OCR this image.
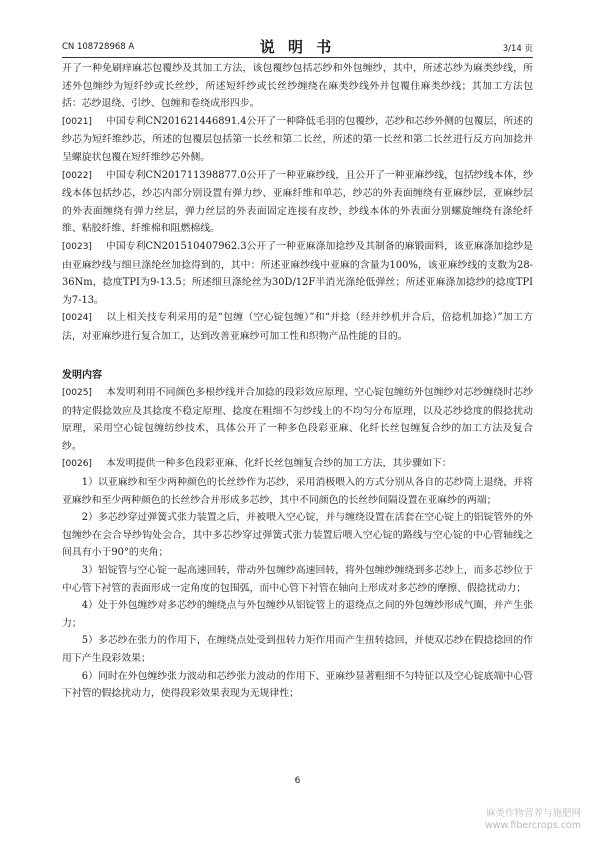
CN 108728968 A	说 明 书	3/14 页

开了一种免刷痒麻芯包覆纱及其加工方法，该包覆纱包括芯纱和外包缠纱，其中，所述芯纱为麻类纱线，所述外包缠纱为短纤纱或长丝纱，所述短纤纱或长丝纱缠绕在麻类纱线外并包覆住麻类纱线；其加工方法包括：芯纱退绕、引纱、包缠和卷绕成形四步。

[0021] 中国专利CN201621446891.4公开了一种降低毛羽的包覆纱，芯纱和芯纱外侧的包覆层，所述的纱芯为短纤维纱芯，所述的包覆层包括第一长丝和第二长丝，所述的第一长丝和第二长丝进行反方向加捻并呈螺旋状包覆在短纤维纱芯外侧。

[0022] 中国专利CN201711398877.0公开了一种亚麻纱线，且公开了一种亚麻纱线，包括纱线本体，纱线本体包括纱芯，纱芯内部分别设置有弹力纱、亚麻纤维和单芯，纱芯的外表面缠绕有亚麻纱层，亚麻纱层的外表面缠绕有弹力丝层，弹力丝层的外表面固定连接有皮纱，纱线本体的外表面分别螺旋缠绕有涤纶纤维、粘胶纤维、纤维棉和阻燃棉线。

[0023] 中国专利CN201510407962.3公开了一种亚麻涤加捻纱及其制备的麻锻面料，该亚麻涤加捻纱是由亚麻纱线与细旦涤纶丝加捻得到的，其中：所述亚麻纱线中亚麻的含量为100%，该亚麻纱线的支数为28-36Nm，捻度TPI为9-13.5；所述细旦涤纶丝为30D/12F半消光涤纶低弹丝；所述亚麻涤加捻纱的捻度TPI为7-13。

[0024] 以上相关技专利采用的是“包缠（空心锭包缠）”和“并捻（经并纱机并合后，倍捻机加捻）”加工方法，对亚麻纱进行复合加工，达到改善亚麻纱可加工性和织物产品性能的目的。

发明内容

[0025] 本发明利用不同颜色多根纱线并合加捻的段彩效应原理、空心锭包缠纺外包缠纱对芯纱缠绕时芯纱的特定假捻效应及其捻度不稳定原理、捻度在粗细不匀纱线上的不均匀分布原理，以及芯纱捻度的假捻扰动原理，采用空心锭包缠纺纱技术，具体公开了一种多色段彩亚麻、化纤长丝包缠复合纱的加工方法及复合纱。

[0026] 本发明提供一种多色段彩亚麻、化纤长丝包缠复合纱的加工方法，其步骤如下：

1）以亚麻纱和至少两种颜色的长丝纱作为芯纱，采用消极喂入的方式分别从各自的芯纱筒上退绕，并将亚麻纱和至少两种颜色的长丝纱合并形成多芯纱，其中不同颜色的长丝纱间隔设置在亚麻纱的两端；

2）多芯纱穿过弹簧式张力装置之后，并被喂入空心锭，并与缠绕设置在活套在空心锭上的铝锭管外的外包缠纱在会合导纱钩处会合，其中多芯纱穿过弹簧式张力装置后喂入空心锭的路线与空心锭的中心管轴线之间具有小于90°的夹角；

3）铝锭管与空心锭一起高速回转，带动外包缠纱高速回转，将外包缠纱缠绕到多芯纱上，而多芯纱位于中心管下衬管的表面形成一定角度的包围弧，而中心管下衬管在轴向上形成对多芯纱的摩擦、假捻扰动力；

4）处于外包缠纱对多芯纱的缠绕点与外包缠纱从铝锭管上的退绕点之间的外包缠纱形成气圈，并产生张力；

5）多芯纱在张力的作用下，在缠绕点处受到扭转力矩作用而产生扭转捻回，并使双芯纱在假捻捻回的作用下产生段彩效果；

6）同时在外包缠纱张力波动和芯纱张力波动的作用下、亚麻纱显著粗细不匀特征以及空心锭底端中心管下衬管的假捻扰动力，使得段彩效果表现为无规律性；

6
麻类作物营养与施肥网
www.fibercrops.com
